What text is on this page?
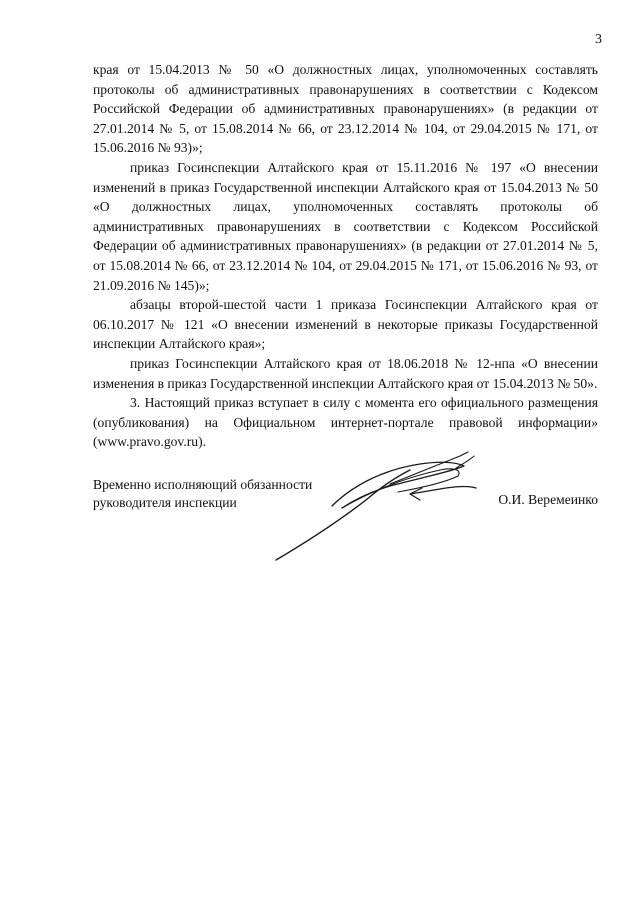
3

края от 15.04.2013 № 50 «О должностных лицах, уполномоченных составлять протоколы об административных правонарушениях в соответствии с Кодексом Российской Федерации об административных правонарушениях» (в редакции от 27.01.2014 № 5, от 15.08.2014 № 66, от 23.12.2014 № 104, от 29.04.2015 № 171, от 15.06.2016 № 93)»;

приказ Госинспекции Алтайского края от 15.11.2016 № 197 «О внесении изменений в приказ Государственной инспекции Алтайского края от 15.04.2013 № 50 «О должностных лицах, уполномоченных составлять протоколы об административных правонарушениях в соответствии с Кодексом Российской Федерации об административных правонарушениях» (в редакции от 27.01.2014 № 5, от 15.08.2014 № 66, от 23.12.2014 № 104, от 29.04.2015 № 171, от 15.06.2016 № 93, от 21.09.2016 № 145)»;

абзацы второй-шестой части 1 приказа Госинспекции Алтайского края от 06.10.2017 № 121 «О внесении изменений в некоторые приказы Государственной инспекции Алтайского края»;

приказ Госинспекции Алтайского края от 18.06.2018 № 12-нпа «О внесении изменения в приказ Государственной инспекции Алтайского края от 15.04.2013 № 50».

3. Настоящий приказ вступает в силу с момента его официального размещения (опубликования) на Официальном интернет-портале правовой информации» (www.pravo.gov.ru).

Временно исполняющий обязанности
руководителя инспекции	О.И. Веремеинко
